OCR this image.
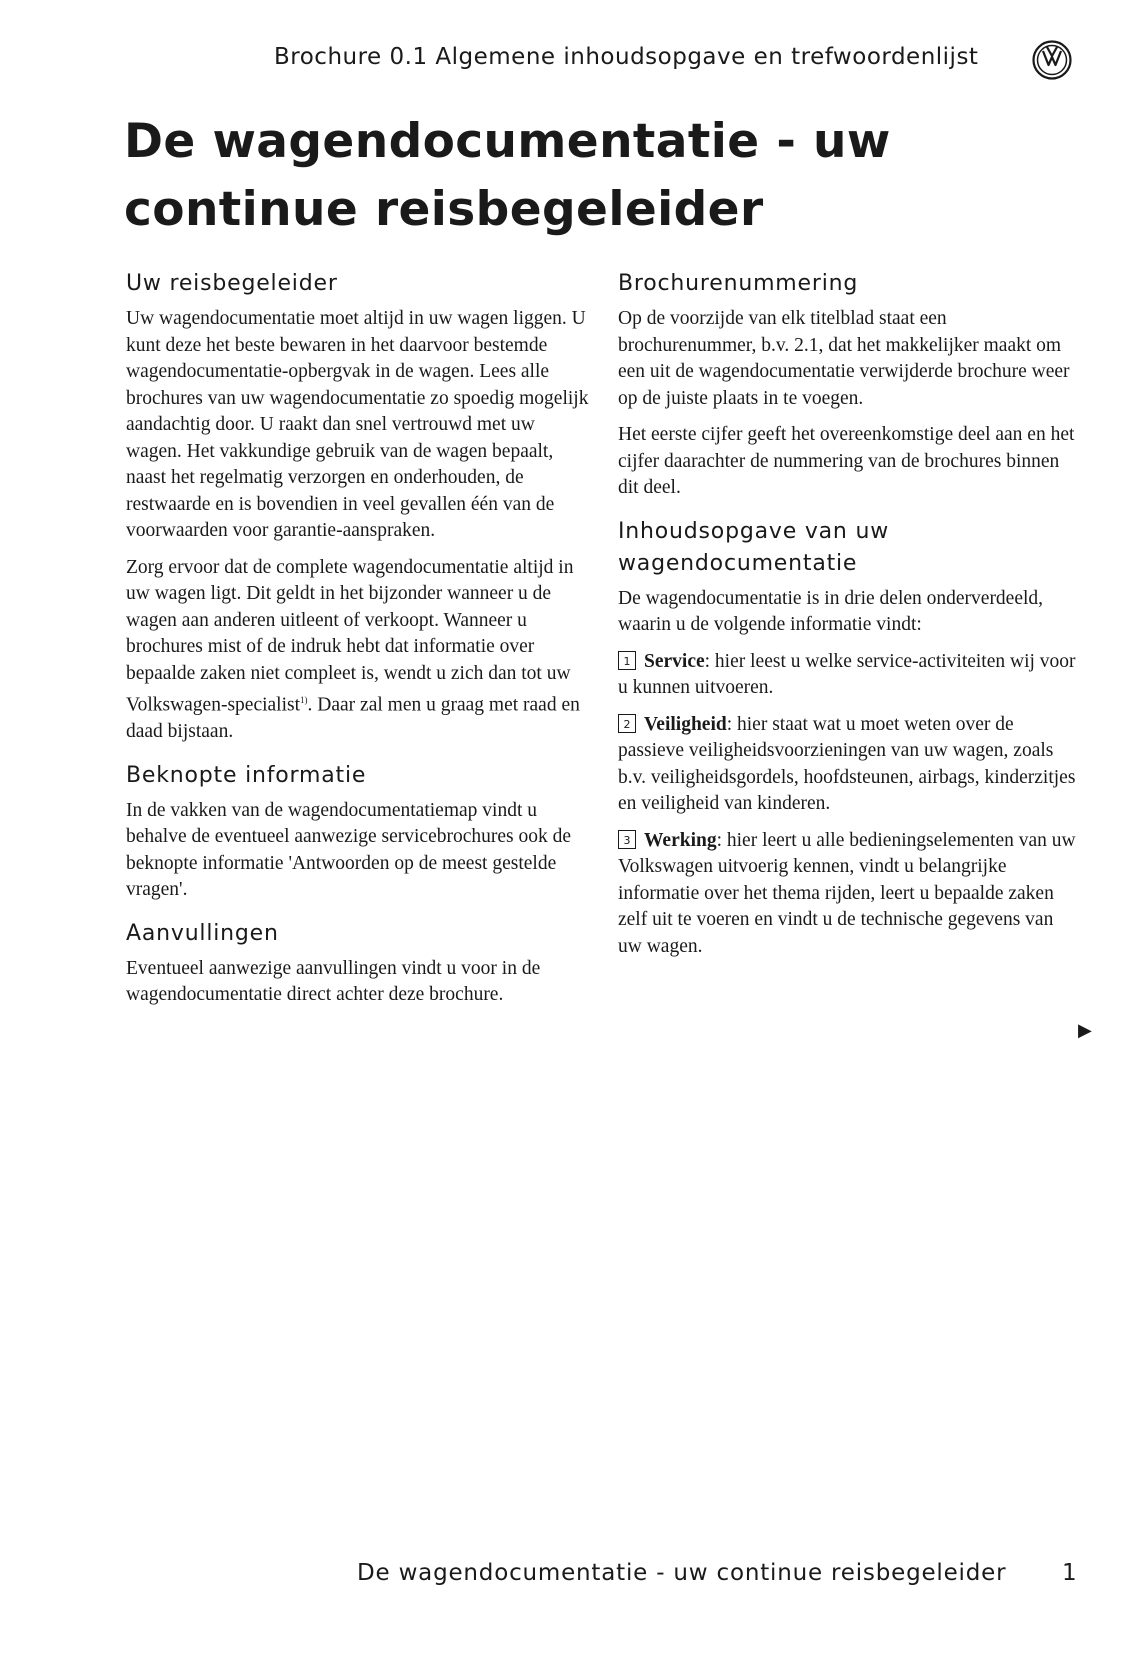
Brochure 0.1 Algemene inhoudsopgave en trefwoordenlijst
De wagendocumentatie - uw continue reisbegeleider
Uw reisbegeleider

Uw wagendocumentatie moet altijd in uw wagen liggen. U kunt deze het beste bewaren in het daarvoor bestemde wagendocumentatie-opbergvak in de wagen. Lees alle brochures van uw wagendocumentatie zo spoedig mogelijk aandachtig door. U raakt dan snel vertrouwd met uw wagen. Het vakkundige gebruik van de wagen bepaalt, naast het regelmatig verzorgen en onderhouden, de restwaarde en is bovendien in veel gevallen één van de voorwaarden voor garantie-aanspraken.

Zorg ervoor dat de complete wagendocumentatie altijd in uw wagen ligt. Dit geldt in het bijzonder wanneer u de wagen aan anderen uitleent of verkoopt. Wanneer u brochures mist of de indruk hebt dat informatie over bepaalde zaken niet compleet is, wendt u zich dan tot uw Volkswagen-specialist$^{1)}$. Daar zal men u graag met raad en daad bijstaan.

Beknopte informatie

In de vakken van de wagendocumentatiemap vindt u behalve de eventueel aanwezige servicebrochures ook de beknopte informatie 'Antwoorden op de meest gestelde vragen'.

Aanvullingen

Eventueel aanwezige aanvullingen vindt u voor in de wagendocumentatie direct achter deze brochure.

Brochurenummering

Op de voorzijde van elk titelblad staat een brochurenummer, b.v. 2.1, dat het makkelijker maakt om een uit de wagendocumentatie verwijderde brochure weer op de juiste plaats in te voegen.

Het eerste cijfer geeft het overeenkomstige deel aan en het cijfer daarachter de nummering van de brochures binnen dit deel.

Inhoudsopgave van uw wagendocumentatie

De wagendocumentatie is in drie delen onderverdeeld, waarin u de volgende informatie vindt:

1 Service: hier leest u welke service-activiteiten wij voor u kunnen uitvoeren.

2 Veiligheid: hier staat wat u moet weten over de passieve veiligheidsvoorzieningen van uw wagen, zoals b.v. veiligheidsgordels, hoofdsteunen, airbags, kinderzitjes en veiligheid van kinderen.

3 Werking: hier leert u alle bedieningselementen van uw Volkswagen uitvoerig kennen, vindt u belangrijke informatie over het thema rijden, leert u bepaalde zaken zelf uit te voeren en vindt u de technische gegevens van uw wagen.

▶
De wagendocumentatie - uw continue reisbegeleider 1
